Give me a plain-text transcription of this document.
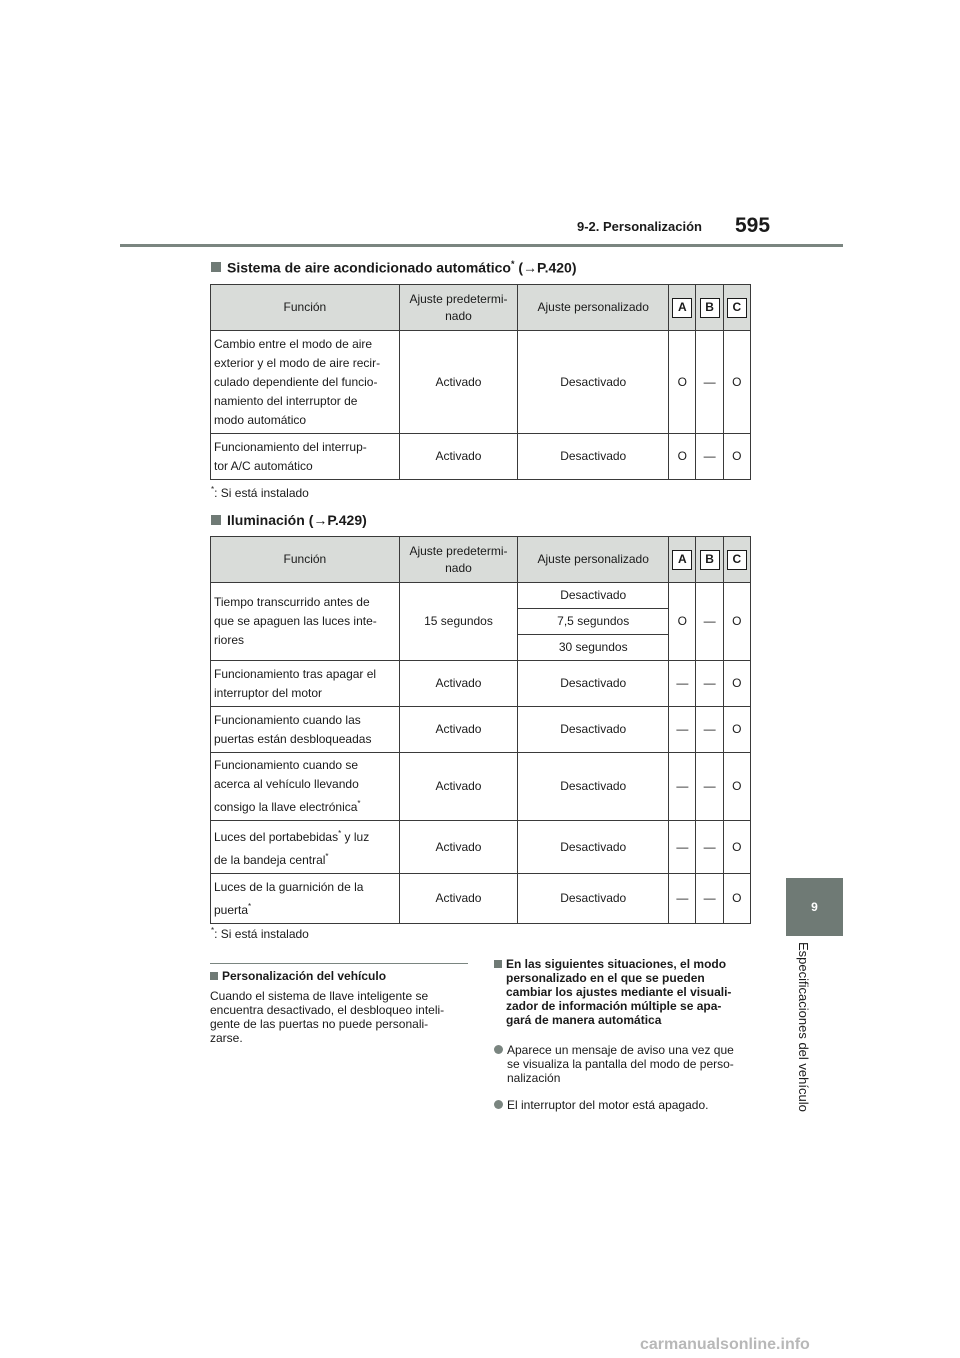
9-2. Personalización 595
9
Especificaciones del vehículo
Sistema de aire acondicionado automático* (→P.420)
Función	Ajuste predetermi-
nado	Ajuste personalizado	A	B	C
Cambio entre el modo de aire
exterior y el modo de aire recir-
culado dependiente del funcio-
namiento del interruptor de
modo automático	Activado	Desactivado	O	—	O
Funcionamiento del interrup-
tor A/C automático	Activado	Desactivado	O	—	O
*: Si está instalado
Iluminación (→P.429)
Función	Ajuste predetermi-
nado	Ajuste personalizado	A	B	C
Tiempo transcurrido antes de
que se apaguen las luces inte-
riores	15 segundos	Desactivado	O	—	O
		7,5 segundos			
		30 segundos			
Funcionamiento tras apagar el
interruptor del motor	Activado	Desactivado	—	—	O
Funcionamiento cuando las
puertas están desbloqueadas	Activado	Desactivado	—	—	O
Funcionamiento cuando se
acerca al vehículo llevando
consigo la llave electrónica*	Activado	Desactivado	—	—	O
Luces del portabebidas* y luz
de la bandeja central*	Activado	Desactivado	—	—	O
Luces de la guarnición de la
puerta*	Activado	Desactivado	—	—	O
*: Si está instalado
Personalización del vehículo
Cuando el sistema de llave inteligente se
encuentra desactivado, el desbloqueo inteli-
gente de las puertas no puede personali-
zarse.
En las siguientes situaciones, el modo
personalizado en el que se pueden
cambiar los ajustes mediante el visuali-
zador de información múltiple se apa-
gará de manera automática
Aparece un mensaje de aviso una vez que
se visualiza la pantalla del modo de perso-
nalización
El interruptor del motor está apagado.
carmanualsonline.info
